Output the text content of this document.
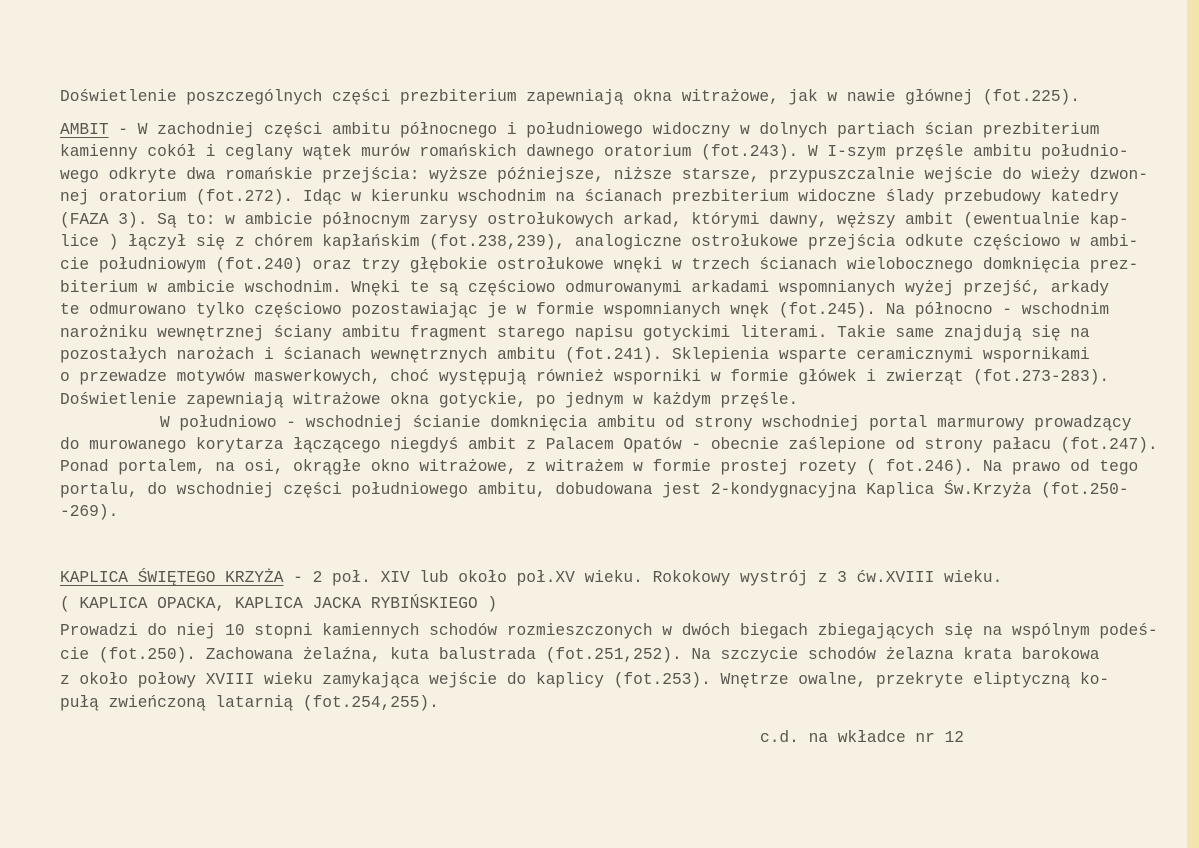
Doświetlenie poszczególnych części prezbiterium zapewniają okna witrażowe, jak w nawie głównej (fot.225).
AMBIT - W zachodniej części ambitu północnego i południowego widoczny w dolnych partiach ścian prezbiterium
kamienny cokół i ceglany wątek murów romańskich dawnego oratorium (fot.243). W I-szym przęśle ambitu południo-
wego odkryte dwa romańskie przejścia: wyższe późniejsze, niższe starsze, przypuszczalnie wejście do wieży dzwon-
nej oratorium (fot.272). Idąc w kierunku wschodnim na ścianach prezbiterium widoczne ślady przebudowy katedry
(FAZA 3). Są to: w ambicie północnym zarysy ostrołukowych arkad, którymi dawny, węższy ambit (ewentualnie kap-
lice ) łączył się z chórem kapłańskim (fot.238,239), analogiczne ostrołukowe przejścia odkute częściowo w ambi-
cie południowym (fot.240) oraz trzy głębokie ostrołukowe wnęki w trzech ścianach wielobocznego domknięcia prez-
biterium w ambicie wschodnim. Wnęki te są częściowo odmurowanymi arkadami wspomnianych wyżej przejść, arkady
te odmurowano tylko częściowo pozostawiając je w formie wspomnianych wnęk (fot.245). Na północno - wschodnim
narożniku wewnętrznej ściany ambitu fragment starego napisu gotyckimi literami. Takie same znajdują się na
pozostałych narożach i ścianach wewnętrznych ambitu (fot.241). Sklepienia wsparte ceramicznymi wspornikami
o przewadze motywów maswerkowych, choć występują również wsporniki w formie główek i zwierząt (fot.273-283).
Doświetlenie zapewniają witrażowe okna gotyckie, po jednym w każdym przęśle.
W południowo - wschodniej ścianie domknięcia ambitu od strony wschodniej portal marmurowy prowadzący
do murowanego korytarza łączącego niegdyś ambit z Palacem Opatów - obecnie zaślepione od strony pałacu (fot.247).
Ponad portalem, na osi, okrągłe okno witrażowe, z witrażem w formie prostej rozety ( fot.246). Na prawo od tego
portalu, do wschodniej części południowego ambitu, dobudowana jest 2-kondygnacyjna Kaplica Św.Krzyża (fot.250-
-269).
KAPLICA ŚWIĘTEGO KRZYŻA - 2 poł. XIV lub około poł.XV wieku. Rokokowy wystrój z 3 ćw.XVIII wieku.
( KAPLICA OPACKA, KAPLICA JACKA RYBIŃSKIEGO )
Prowadzi do niej 10 stopni kamiennych schodów rozmieszczonych w dwóch biegach zbiegających się na wspólnym podeś-
cie (fot.250). Zachowana żelaźna, kuta balustrada (fot.251,252). Na szczycie schodów żelazna krata barokowa
z około połowy XVIII wieku zamykająca wejście do kaplicy (fot.253). Wnętrze owalne, przekryte eliptyczną ko-
pułą zwieńczoną latarnią (fot.254,255).
c.d. na wkładce nr 12
